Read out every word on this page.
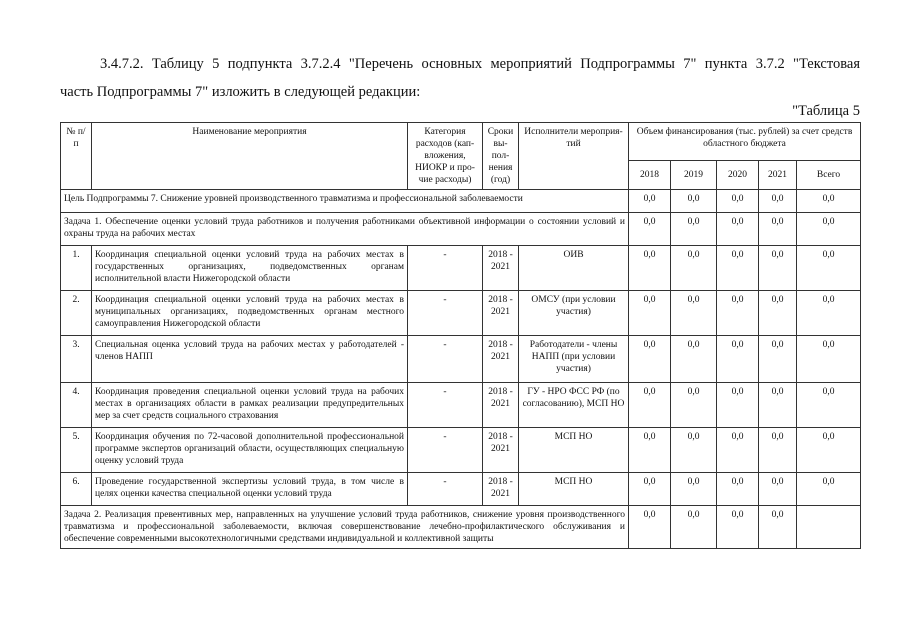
3.4.7.2. Таблицу 5 подпункта 3.7.2.4 "Перечень основных мероприятий Подпрограммы 7" пункта 3.7.2 "Текстовая
часть Подпрограммы 7" изложить в следующей редакции:
"Таблица 5
№ п/п	Наименование мероприятия	Категория расходов (кап-вложения, НИОКР и про-чие расходы)	Сроки вы-пол-нения (год)	Исполнители мероприя-тий	Объем финансирования (тыс. рублей) за счет средств областного бюджета				
					2018	2019	2020	2021	Всего
Цель Подпрограммы 7. Снижение уровней производственного травматизма и профессиональной заболеваемости					0,0	0,0	0,0	0,0	0,0
Задача 1. Обеспечение оценки условий труда работников и получения работниками объективной информации о состоянии условий и охраны труда на рабочих местах					0,0	0,0	0,0	0,0	0,0
1.	Координация специальной оценки условий труда на рабочих местах в государственных организациях, подведомственных органам исполнительной власти Нижегородской области	-	2018 - 2021	ОИВ	0,0	0,0	0,0	0,0	0,0
2.	Координация специальной оценки условий труда на рабочих местах в муниципальных организациях, подведомственных органам местного самоуправления Нижегородской области	-	2018 - 2021	ОМСУ (при условии участия)	0,0	0,0	0,0	0,0	0,0
3.	Специальная оценка условий труда на рабочих местах у работодателей - членов НАПП	-	2018 - 2021	Работодатели - члены НАПП (при условии участия)	0,0	0,0	0,0	0,0	0,0
4.	Координация проведения специальной оценки условий труда на рабочих местах в организациях области в рамках реализации предупредительных мер за счет средств социального страхования	-	2018 - 2021	ГУ - НРО ФСС РФ (по согласованию), МСП НО	0,0	0,0	0,0	0,0	0,0
5.	Координация обучения по 72-часовой дополнительной профессиональной программе экспертов организаций области, осуществляющих специальную оценку условий труда	-	2018 - 2021	МСП НО	0,0	0,0	0,0	0,0	0,0
6.	Проведение государственной экспертизы условий труда, в том числе в целях оценки качества специальной оценки условий труда	-	2018 - 2021	МСП НО	0,0	0,0	0,0	0,0	0,0
Задача 2. Реализация превентивных мер, направленных на улучшение условий труда работников, снижение уровня производственного травматизма и профессиональной заболеваемости, включая совершенствование лечебно-профилактического обслуживания и обеспечение современными высокотехнологичными средствами индивидуальной и коллективной защиты					0,0	0,0	0,0	0,0	
